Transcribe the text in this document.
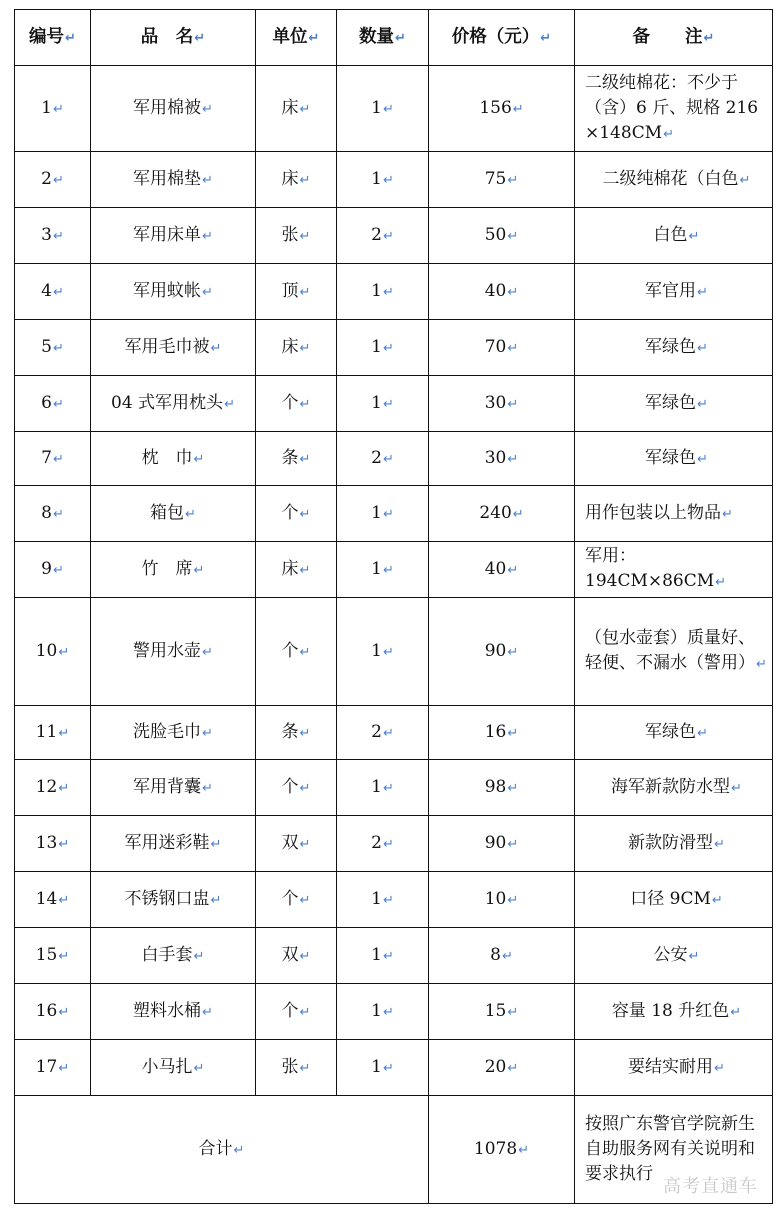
编号↵	品　名↵	单位↵	数量↵	价格（元）↵	备　　注↵
1↵	军用棉被↵	床↵	1↵	156↵	二级纯棉花：不少于（含）6 斤、规格 216 ×148CM↵
2↵	军用棉垫↵	床↵	1↵	75↵	二级纯棉花（白色↵
3↵	军用床单↵	张↵	2↵	50↵	白色↵
4↵	军用蚊帐↵	顶↵	1↵	40↵	军官用↵
5↵	军用毛巾被↵	床↵	1↵	70↵	军绿色↵
6↵	04 式军用枕头↵	个↵	1↵	30↵	军绿色↵
7↵	枕　巾↵	条↵	2↵	30↵	军绿色↵
8↵	箱包↵	个↵	1↵	240↵	用作包装以上物品↵
9↵	竹　席↵	床↵	1↵	40↵	军用：194CM×86CM↵
10↵	警用水壶↵	个↵	1↵	90↵	（包水壶套）质量好、轻便、不漏水（警用）↵
11↵	洗脸毛巾↵	条↵	2↵	16↵	军绿色↵
12↵	军用背囊↵	个↵	1↵	98↵	海军新款防水型↵
13↵	军用迷彩鞋↵	双↵	2↵	90↵	新款防滑型↵
14↵	不锈钢口盅↵	个↵	1↵	10↵	口径 9CM↵
15↵	白手套↵	双↵	1↵	8↵	公安↵
16↵	塑料水桶↵	个↵	1↵	15↵	容量 18 升红色↵
17↵	小马扎↵	张↵	1↵	20↵	要结实耐用↵
合计↵				1078↵	按照广东警官学院新生自助服务网有关说明和要求执行
高考直通车
